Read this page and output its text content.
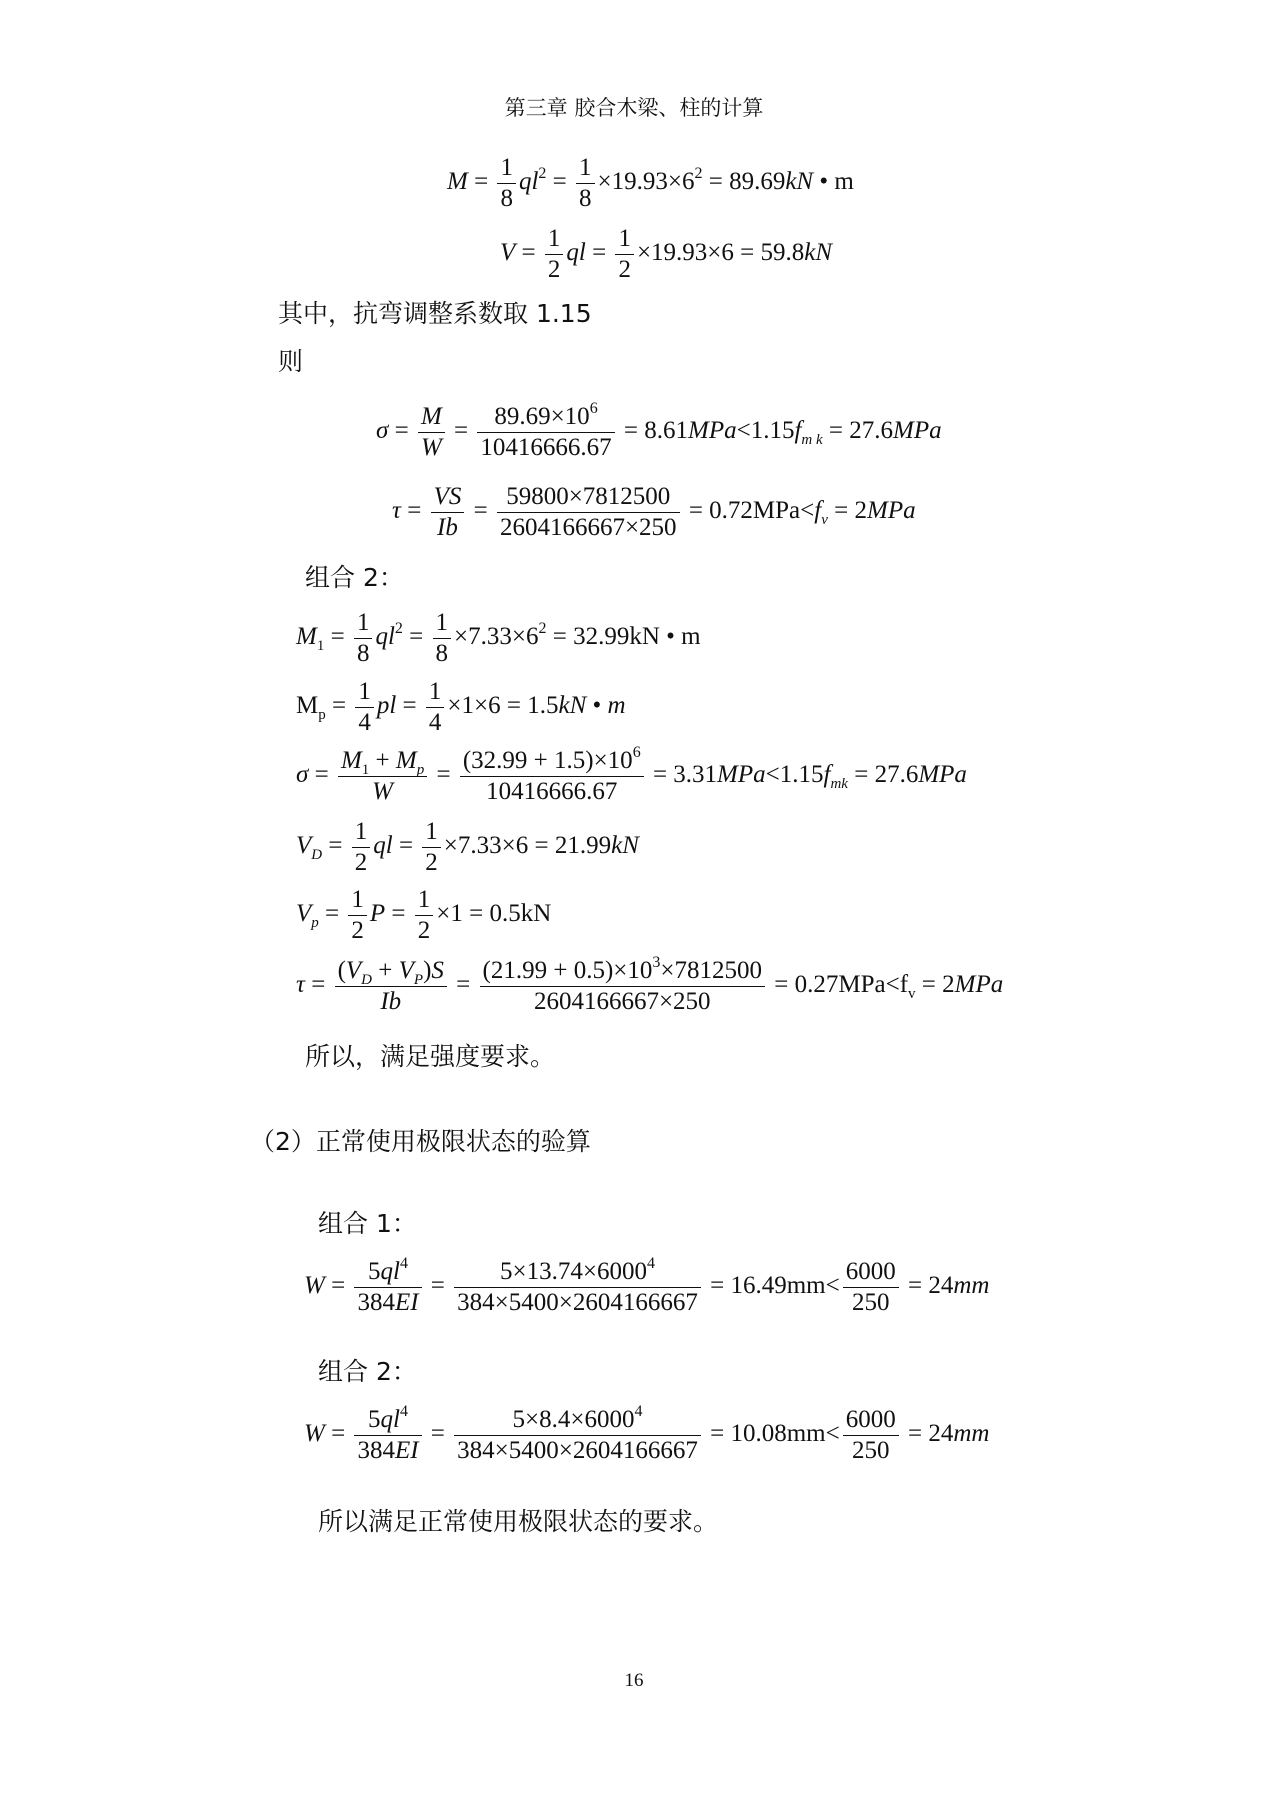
第三章 胶合木梁、柱的计算
$M = \frac{1}{8} ql^2 = \frac{1}{8} \times 19.93\times 6^2 = 89.69kN$ • m
$V = \frac{1}{2}$ ql = $\frac{1}{2} \times 19.93\times 6 = 59.8kN$
其中，抗弯调整系数取 1.15
则
$\sigma = \frac{M}{W} = \frac{89.69\times 10^6}{10416666.67} = 8.61MPa<1.15f_{m k} = 27.6MPa$
$\tau = \frac{VS}{Ib} = \frac{59800\times 7812500}{2604166667\times 250} = 0.72MPa<f_v = 2MPa$
组合 2：
$M_1 = \frac{1}{8} ql^2 = \frac{1}{8} \times 7.33\times 6^2 = 32.99kN$ • m
$M_p = \frac{1}{4}$ pl = $\frac{1}{4} \times 1\times 6 = 1.5kN$ • m
$\sigma = \frac{M_1 + M_p}{W} = \frac{(32.99 + 1.5)\times 10^6}{10416666.67} = 3.31MPa<1.15f_{mk} = 27.6MPa$
$V_D = \frac{1}{2}$ ql = $\frac{1}{2} \times 7.33\times 6 = 21.99kN$
$V_p = \frac{1}{2}$ $P = \frac{1}{2} \times 1 = 0.5kN$
$\tau = \frac{(V_D + V_P)S}{Ib} = \frac{(21.99 + 0.5)\times 10^3\times 7812500}{2604166667\times 250} = 0.27MPa<f_v = 2MPa$
所以，满足强度要求。
（2）正常使用极限状态的验算
组合 1：
$W = \frac{5ql^4}{384EI} = \frac{5\times 13.74\times 6000^4}{384\times 5400\times 2604166667} = 16.49mm< \frac{6000}{250} = 24mm$
组合 2：
$W = \frac{5ql^4}{384EI} = \frac{5\times 8.4\times 6000^4}{384\times 5400\times 2604166667} = 10.08mm< \frac{6000}{250} = 24mm$
所以满足正常使用极限状态的要求。
16
